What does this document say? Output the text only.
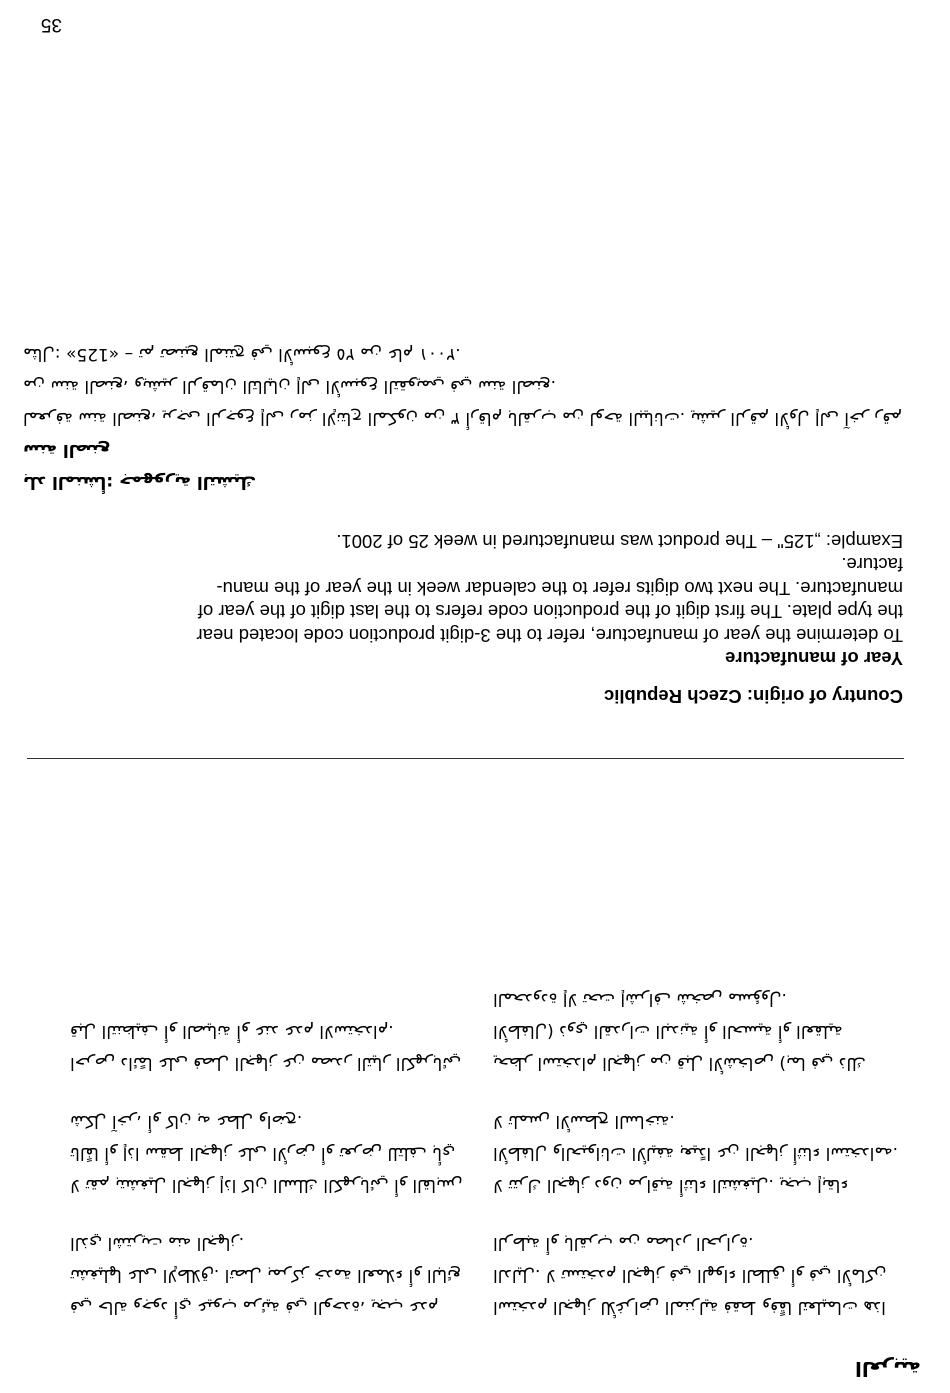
العربية

في حالة وجود أي عيوب مرئية في الوحدة، يجب عدم تشغيلها على الإطلاق. اتصل بمركز خدمة العملاء أو البائع الذي اشتريت منه الجهاز.

لا تقم بتشغيل الجهاز إذا كان السلك الكهربائي أو القابس تالفًا أو إذا سقط الجهاز على الأرض أو تعرض للتلف بأي شكل آخر، أو كان به عطل واضح.

احرص دائمًا على فصل الجهاز عن مصدر التيار الكهربائي قبل التنظيف أو الصيانة أو عند عدم الاستخدام.

استخدم الجهاز للأغراض المنزلية فقط وفقًا لتعليمات هذا الدليل. لا تستخدم الجهاز في الهواء الطلق أو في الأماكن الرطبة أو بالقرب من مصادر الحرارة.

لا تترك الجهاز دون مراقبة أثناء التشغيل. يجب إبقاء الأطفال والحيوانات الأليفة بعيدًا عن الجهاز أثناء استخدامه. لا تلمس الأسطح الساخنة.

يحظر استخدام الجهاز من قبل الأشخاص (بما في ذلك الأطفال) ذوي القدرات البدنية أو الحسية أو العقلية المحدودة إلا تحت إشراف شخص مسؤول.

Country of origin: Czech Republic

Year of manufacture

To determine the year of manufacture, refer to the 3-digit production code located near

the type plate. The first digit of the production code refers to the last digit of the year of

manufacture. The next two digits refer to the calendar week in the year of the manu-

facture.

Example: „125" – The product was manufactured in week 25 of 2001.

بلد المنشأ: جمهورية التشيك

سنة الصنع

لمعرفة سنة الصنع، يرجى الرجوع إلى رمز الإنتاج المكون من ٣ أرقام بالقرب من لوحة البيانات. يشير الرقم الأول إلى آخر رقم من سنة الصنع، ويشير الرقمان التاليان إلى الأسبوع التقويمي في سنة الصنع.

مثال: «125» – تم تصنيع المنتج في الأسبوع ٢٥ من عام ٢٠٠١.

35
